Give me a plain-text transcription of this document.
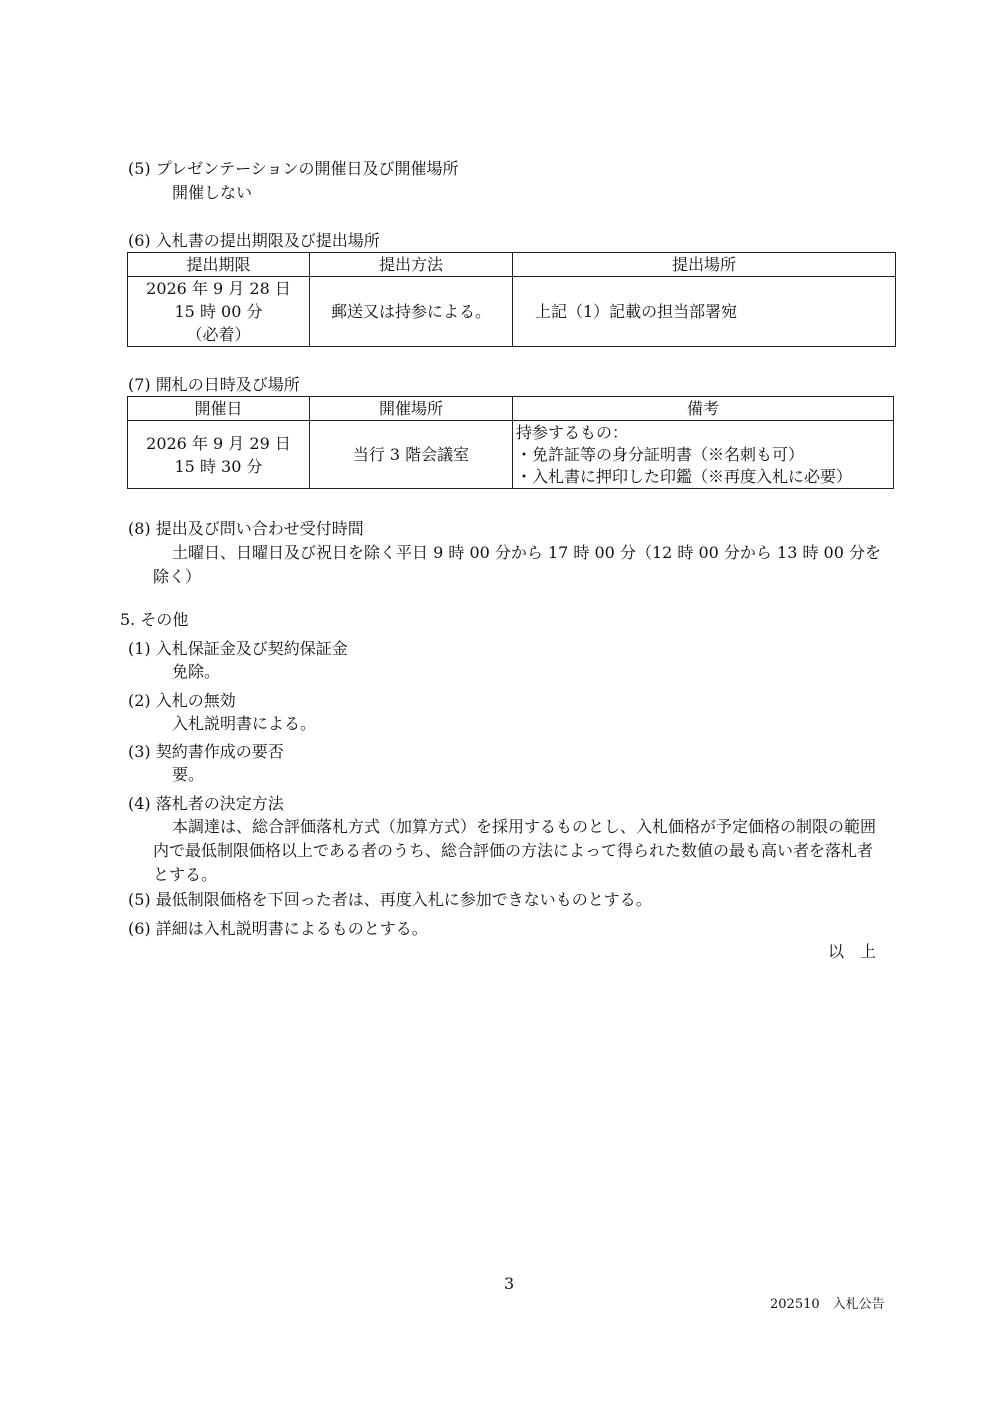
(5) プレゼンテーションの開催日及び開催場所
開催しない
(6) 入札書の提出期限及び提出場所
提出期限	提出方法	提出場所

2026 年 9 月 28 日
15 時 00 分
（必着）	郵送又は持参による。	上記（1）記載の担当部署宛
(7) 開札の日時及び場所
開催日	開催場所	備考

2026 年 9 月 29 日
15 時 30 分	当行 3 階会議室	持参するもの：
・免許証等の身分証明書（※名刺も可）
・入札書に押印した印鑑（※再度入札に必要）
(8) 提出及び問い合わせ受付時間
土曜日、日曜日及び祝日を除く平日 9 時 00 分から 17 時 00 分（12 時 00 分から 13 時 00 分を除く）
5. その他
(1) 入札保証金及び契約保証金
免除。
(2) 入札の無効
入札説明書による。
(3) 契約書作成の要否
要。
(4) 落札者の決定方法
本調達は、総合評価落札方式（加算方式）を採用するものとし、入札価格が予定価格の制限の範囲内で最低制限価格以上である者のうち、総合評価の方法によって得られた数値の最も高い者を落札者とする。
(5) 最低制限価格を下回った者は、再度入札に参加できないものとする。
(6) 詳細は入札説明書によるものとする。
以　上
3
202510　入札公告
